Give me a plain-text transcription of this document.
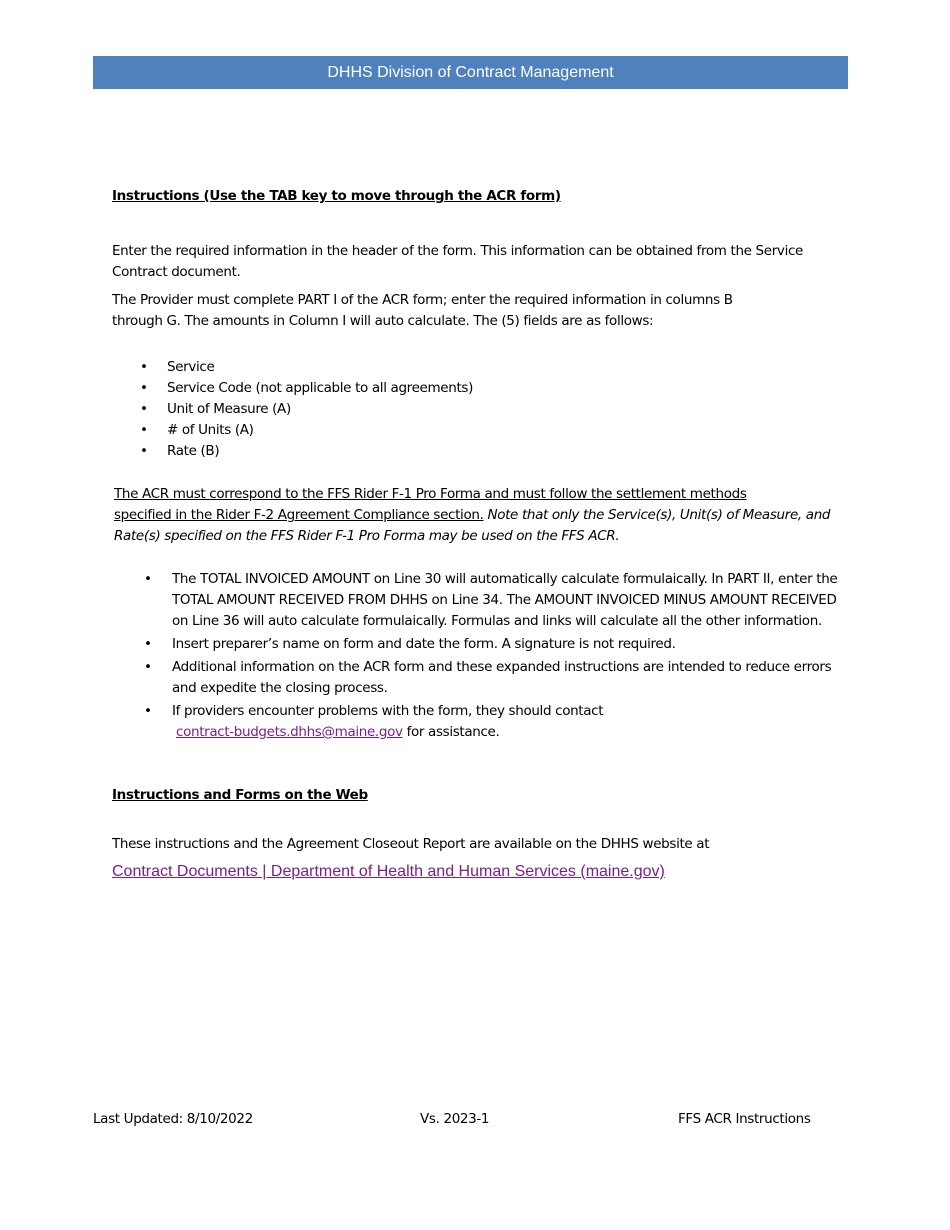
DHHS Division of Contract Management

Instructions (Use the TAB key to move through the ACR form)

Enter the required information in the header of the form. This information can be obtained from the Service Contract document.

The Provider must complete PART I of the ACR form; enter the required information in columns B
through G. The amounts in Column I will auto calculate. The (5) fields are as follows:

• Service
• Service Code (not applicable to all agreements)
• Unit of Measure (A)
• # of Units (A)
• Rate (B)

The ACR must correspond to the FFS Rider F-1 Pro Forma and must follow the settlement methods
specified in the Rider F-2 Agreement Compliance section. Note that only the Service(s), Unit(s) of Measure, and Rate(s) specified on the FFS Rider F-1 Pro Forma may be used on the FFS ACR.

• The TOTAL INVOICED AMOUNT on Line 30 will automatically calculate formulaically. In PART II, enter the TOTAL AMOUNT RECEIVED FROM DHHS on Line 34. The AMOUNT INVOICED MINUS AMOUNT RECEIVED on Line 36 will auto calculate formulaically. Formulas and links will calculate all the other information.
• Insert preparer’s name on form and date the form. A signature is not required.
• Additional information on the ACR form and these expanded instructions are intended to reduce errors and expedite the closing process.
• If providers encounter problems with the form, they should contact
contract-budgets.dhhs@maine.gov for assistance.

Instructions and Forms on the Web

These instructions and the Agreement Closeout Report are available on the DHHS website at

Contract Documents | Department of Health and Human Services (maine.gov)
Last Updated: 8/10/2022	Vs. 2023-1	FFS ACR Instructions
